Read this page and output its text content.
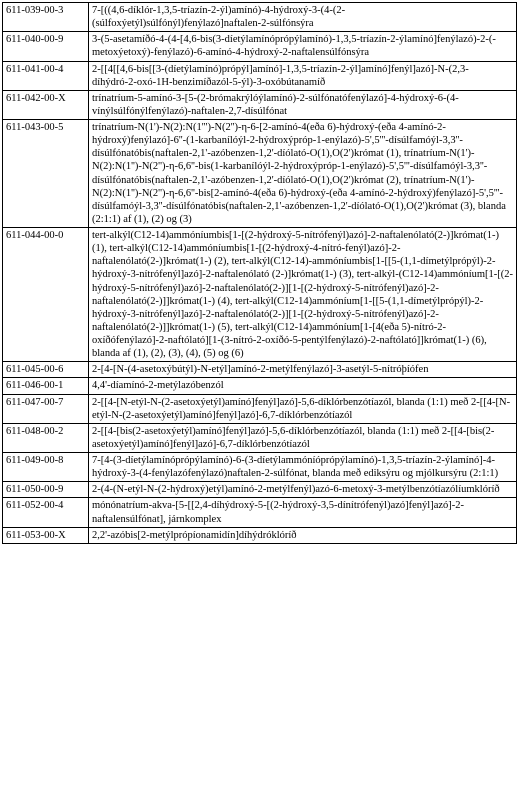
611-039-00-3	7-[((4,6-díklór-1,3,5-tríazín-2-ýl)amínó)-4-hýdroxý-3-(4-(2-(súlfoxýetýl)súlfónýl)fenýlazó]naftalen-2-súlfónsýra
611-040-00-9	3-(5-asetamíðó-4-(4-[4,6-bis(3-díetýlamínóprópýlamínó)-1,3,5-tríazín-2-ýlamínó]fenýlazó)-2-(-metoxýetoxý)-fenýlazó)-6-amínó-4-hýdroxý-2-naftalensúlfónsýra
611-041-00-4	2-[[4[[4,6-bis[[3-(díetýlamínó)própýl]amínó]-1,3,5-tríazín-2-ýl]amínó]fenýl]azó]-N-(2,3-díhýdró-2-oxó-1H-benzimíðazól-5-ýl)-3-oxóbútanamíð
611-042-00-X	trínatríum-5-amínó-3-[5-(2-brómakrýlóýlamínó)-2-súlfónatófenýlazó]-4-hýdroxý-6-(4-vínýlsúlfónýlfenýlazó)-naftalen-2,7-dísúlfónat
611-043-00-5	trínatríum-N(1')-N(2):N(1''')-N(2'')-η-6-[2-amínó-4(eða 6)-hýdroxý-(eða 4-amínó-2-hýdroxý)fenýlazó]-6''-(1-karbanílóýl-2-hýdroxýpróp-1-enýlazó)-5',5'''-dísúlfamóýl-3,3''-dísúlfónatóbis(naftalen-2,1'-azóbenzen-1,2'-díólató-O(1),O(2')krómat (1), trínatríum-N(1')-N(2):N(1'')-N(2'')-η-6,6''-bis(1-karbanílóýl-2-hýdroxýpróp-1-enýlazó)-5',5'''-dísúlfamóýl-3,3''-dísúlfónatóbis(naftalen-2,1'-azóbenzen-1,2'-díólató-O(1),O(2')krómat (2), trínatríum-N(1')-N(2):N(1'')-N(2'')-η-6,6''-bis[2-amínó-4(eða 6)-hýdroxý-(eða 4-amínó-2-hýdroxý)fenýlazó]-5',5'''-dísúlfamóýl-3,3''-dísúlfónatóbis(naftalen-2,1'-azóbenzen-1,2'-díólató-O(1),O(2')krómat (3), blanda (2:1:1) af (1), (2) og (3)
611-044-00-0	tert-alkýl(C12-14)ammóníumbis[1-[(2-hýdroxý-5-nítrófenýl)azó]-2-naftalenólató(2-)]krómat(1-) (1), tert-alkýl(C12-14)ammóníumbis[1-[(2-hýdroxý-4-nítró-fenýl)azó]-2-naftalenólató(2-)]krómat(1-) (2), tert-alkýl(C12-14)-ammóníumbis[1-[[5-(1,1-dímetýlprópýl)-2-hýdroxý-3-nítrófenýl]azó]-2-naftalenólató (2-)]krómat(1-) (3), tert-alkýl-(C12-14)ammóníum[1-[(2-hýdroxý-5-nítrófenýl)azó]-2-naftalenólató(2-)][1-[(2-hýdroxý-5-nítrófenýl)azó]-2-naftalenólató(2-)]]krómat(1-) (4), tert-alkýl(C12-14)ammóníum[1-[[5-(1,1-dímetýlprópýl)-2-hýdroxý-3-nítrófenýl]azó]-2-naftalenólató(2-)][1-[(2-hýdroxý-5-nítrófenýl)azó]-2-naftalenólató(2-)]]krómat(1-) (5), tert-alkýl(C12-14)ammóníum[1-[4(eða 5)-nítró-2-oxíðófenýlazó]-2-naftólató][1-(3-nítró-2-oxíðó-5-pentýlfenýlazó)-2-naftólató]]krómat(1-) (6), blanda af (1), (2), (3), (4), (5) og (6)
611-045-00-6	2-[4-[N-(4-asetoxýbútýl)-N-etýl]amínó-2-metýlfenýlazó]-3-asetýl-5-nítróþíófen
611-046-00-1	4,4'-díamínó-2-metýlazóbenzól
611-047-00-7	2-[[4-[N-etýl-N-(2-asetoxýetýl)amínó]fenýl]azó]-5,6-díklórbenzótíazól, blanda (1:1) með 2-[[4-[N-etýl-N-(2-asetoxýetýl)amínó]fenýl]azó]-6,7-díklórbenzótíazól
611-048-00-2	2-[[4-[bis(2-asetoxýetýl)amínó]fenýl]azó]-5,6-díklórbenzótíazól, blanda (1:1) með 2-[[4-[bis(2-asetoxýetýl)amínó]fenýl]azó]-6,7-díklórbenzótíazól
611-049-00-8	7-[4-(3-díetýlamínóprópýlamínó)-6-(3-díetýlammóníóprópýlamínó)-1,3,5-tríazín-2-ýlamínó]-4-hýdroxý-3-(4-fenýlazófenýlazó)naftalen-2-súlfónat, blanda með ediksýru og mjólkursýru (2:1:1)
611-050-00-9	2-(4-(N-etýl-N-(2-hýdroxý)etýl)amínó-2-metýlfenýl)azó-6-metoxý-3-metýlbenzótíazólíumklóríð
611-052-00-4	mónónatríum-akva-[5-[[2,4-díhýdroxý-5-[(2-hýdroxý-3,5-dínítrófenýl)azó]fenýl]azó]-2-naftalensúlfónat], járnkomplex
611-053-00-X	2,2'-azóbis[2-metýlprópíonamidín]díhýdróklóríð
